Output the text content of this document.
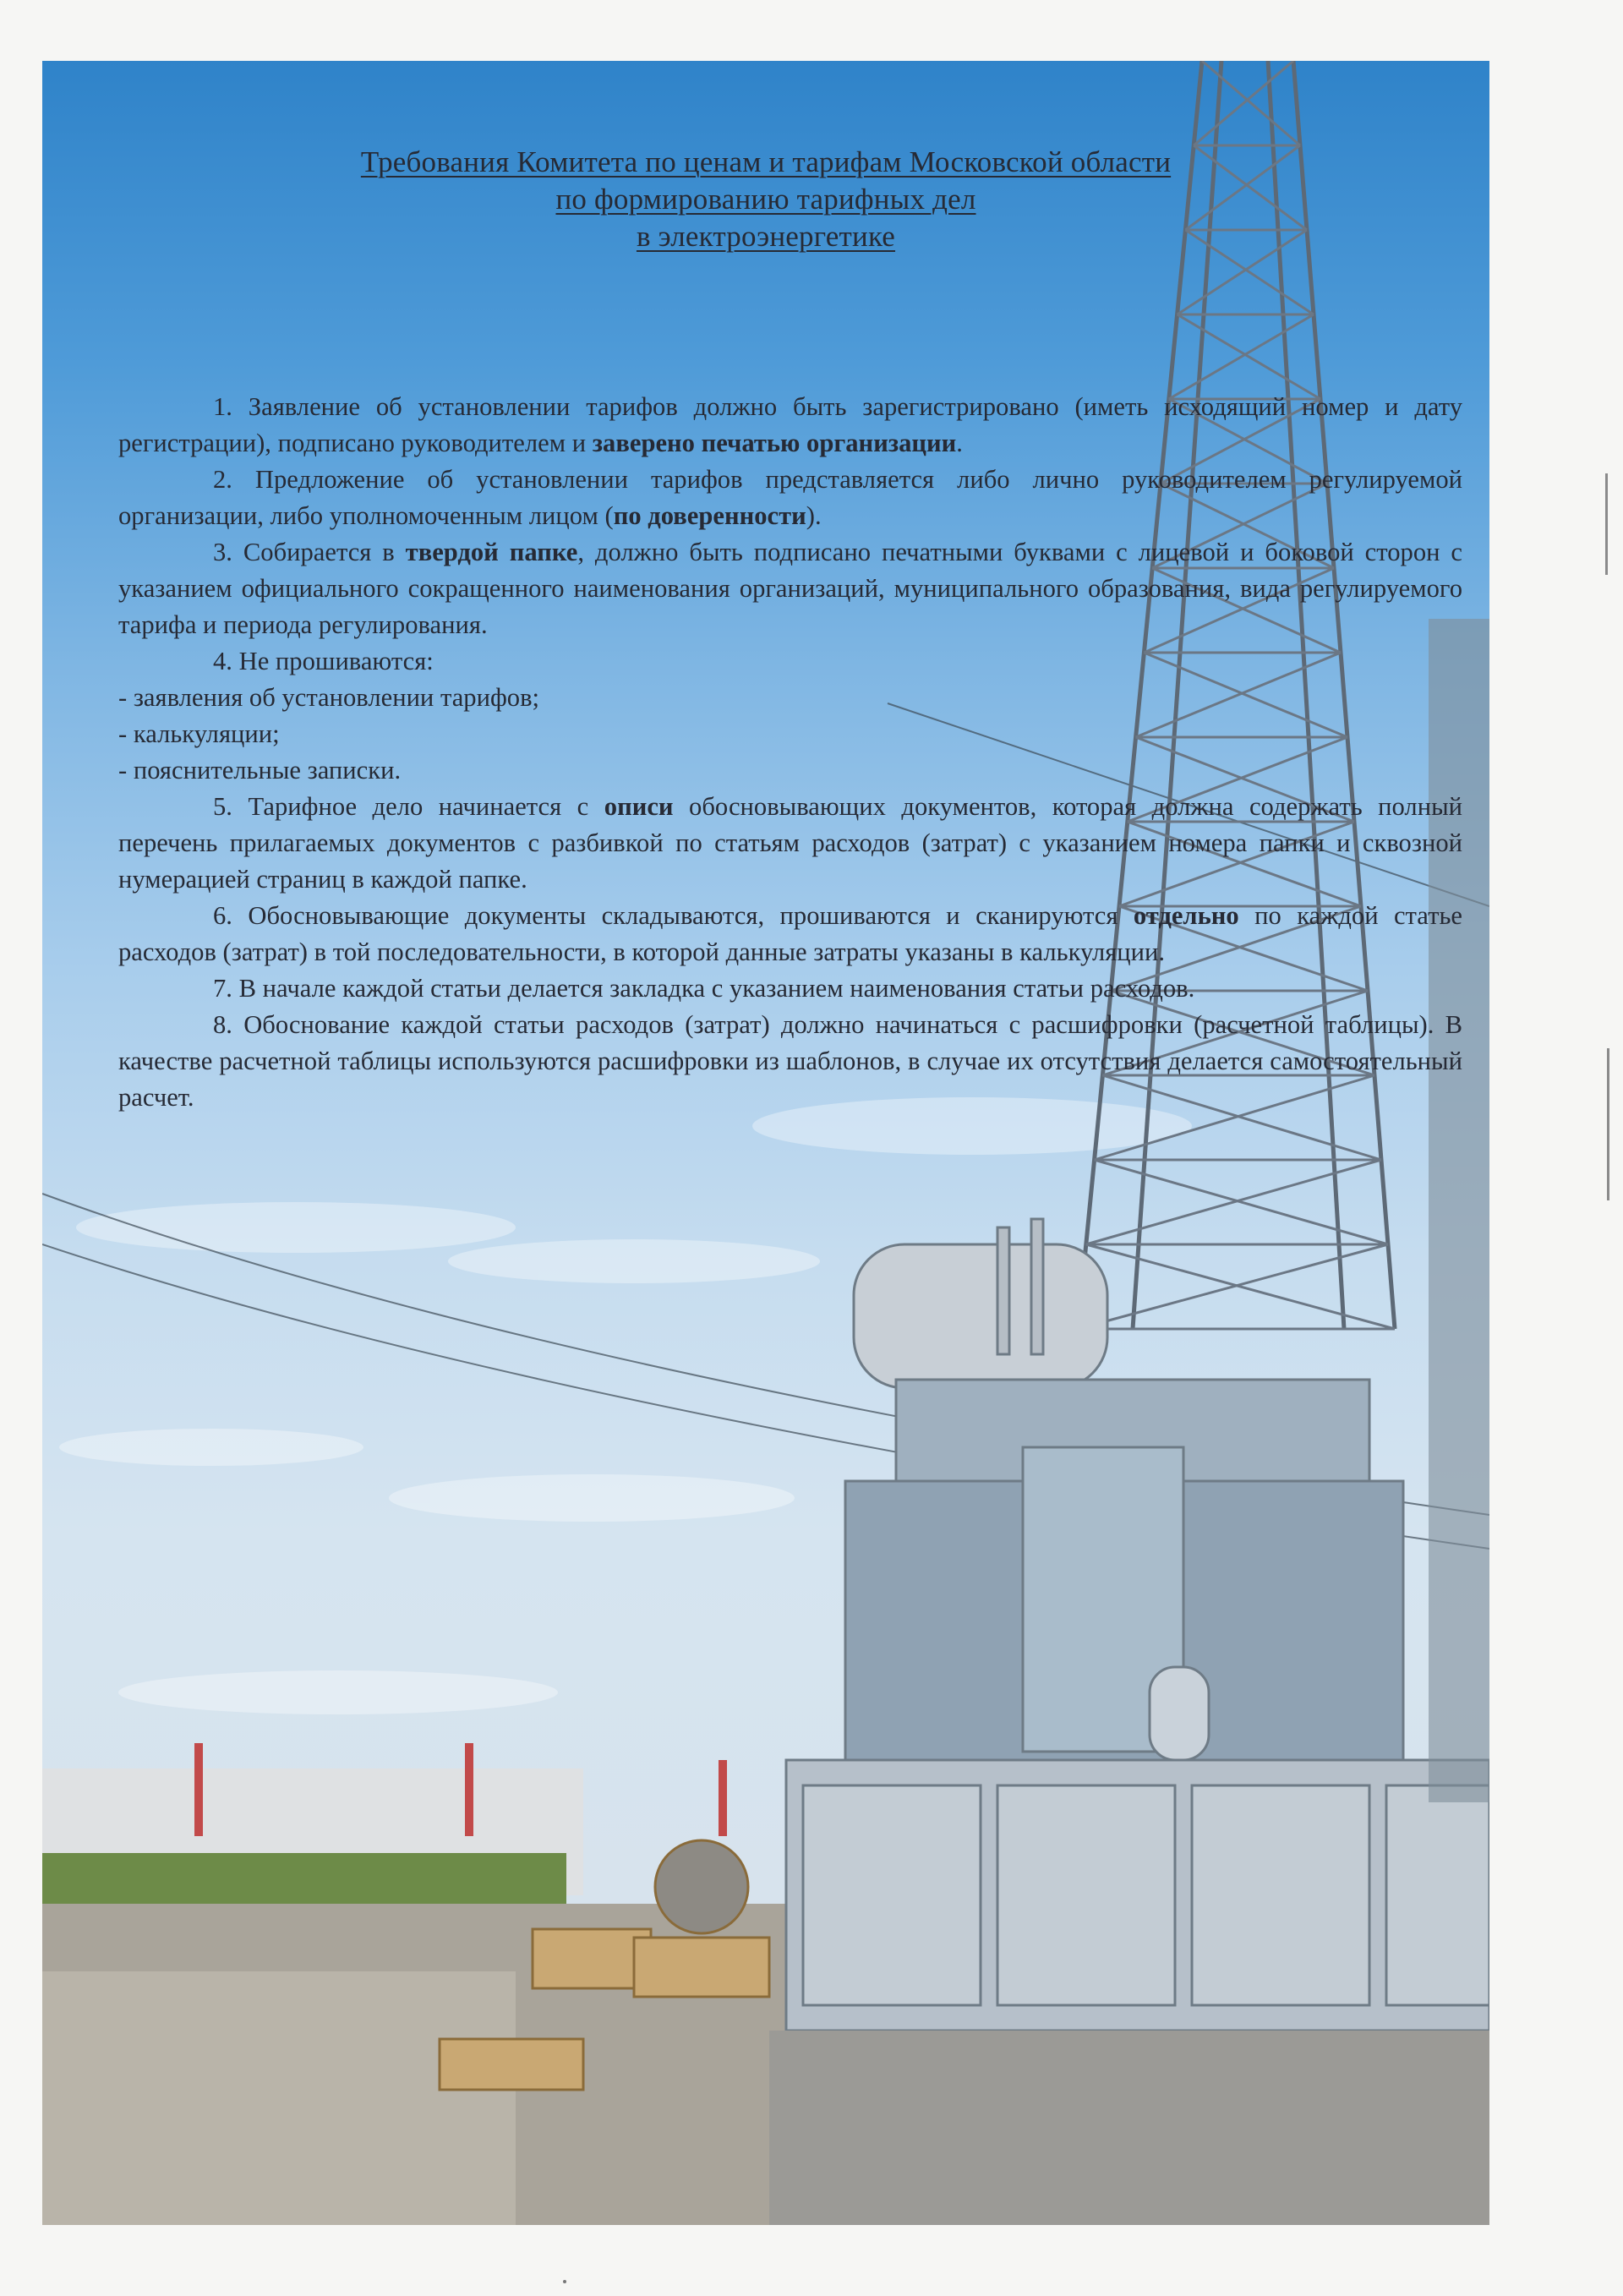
Требования Комитета по ценам и тарифам Московской области
по формированию тарифных дел
в электроэнергетике

1. Заявление об установлении тарифов должно быть зарегистрировано (иметь исходящий номер и дату регистрации), подписано руководителем и заверено печатью организации.

2. Предложение об установлении тарифов представляется либо лично руководителем регулируемой организации, либо уполномоченным лицом (по доверенности).

3. Собирается в твердой папке, должно быть подписано печатными буквами с лицевой и боковой сторон с указанием официального сокращенного наименования организаций, муниципального образования, вида регулируемого тарифа и периода регулирования.

4. Не прошиваются:

- заявления об установлении тарифов;

- калькуляции;

- пояснительные записки.

5. Тарифное дело начинается с описи обосновывающих документов, которая должна содержать полный перечень прилагаемых документов с разбивкой по статьям расходов (затрат) с указанием номера папки и сквозной нумерацией страниц в каждой папке.

6. Обосновывающие документы складываются, прошиваются и сканируются отдельно по каждой статье расходов (затрат) в той последовательности, в которой данные затраты указаны в калькуляции.

7. В начале каждой статьи делается закладка с указанием наименования статьи расходов.

8. Обоснование каждой статьи расходов (затрат) должно начинаться с расшифровки (расчетной таблицы). В качестве расчетной таблицы используются расшифровки из шаблонов, в случае их отсутствия делается самостоятельный расчет.
